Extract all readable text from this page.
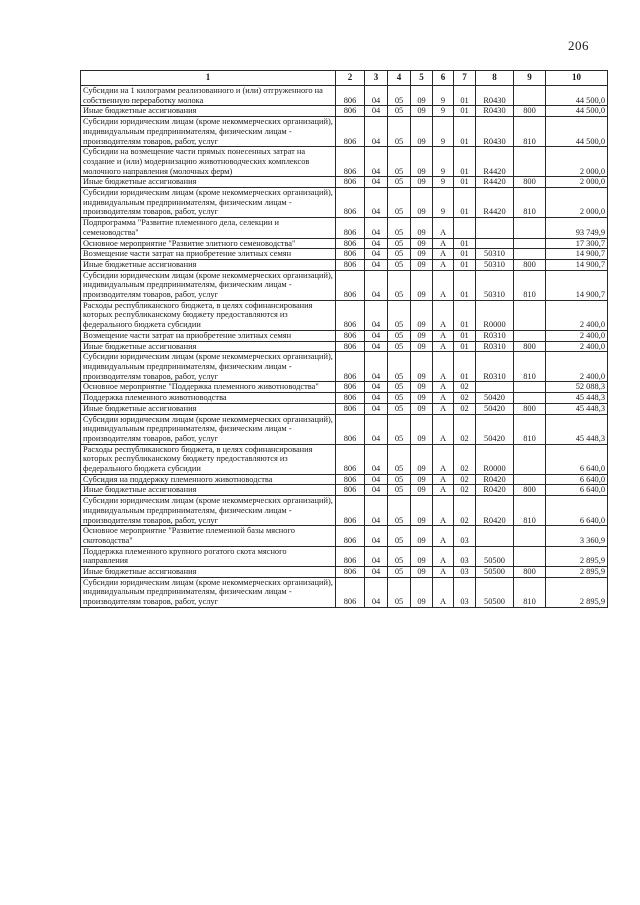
206
1	2	3	4	5	6	7	8	9	10
Субсидии на 1 килограмм реализованного и (или) отгруженного на собственную переработку молока	806	04	05	09	9	01	R0430		44 500,0
Иные бюджетные ассигнования	806	04	05	09	9	01	R0430	800	44 500,0
Субсидии юридическим лицам (кроме некоммерческих организаций), индивидуальным предпринимателям, физическим лицам - производителям товаров, работ, услуг	806	04	05	09	9	01	R0430	810	44 500,0
Субсидии на возмещение части прямых понесенных затрат на создание и (или) модернизацию животноводческих комплексов молочного направления (молочных ферм)	806	04	05	09	9	01	R4420		2 000,0
Иные бюджетные ассигнования	806	04	05	09	9	01	R4420	800	2 000,0
Субсидии юридическим лицам (кроме некоммерческих организаций), индивидуальным предпринимателям, физическим лицам - производителям товаров, работ, услуг	806	04	05	09	9	01	R4420	810	2 000,0
Подпрограмма "Развитие племенного дела, селекции и семеноводства"	806	04	05	09	А				93 749,9
Основное мероприятие "Развитие элитного семеноводства"	806	04	05	09	А	01			17 300,7
Возмещение части затрат на приобретение элитных семян	806	04	05	09	А	01	50310		14 900,7
Иные бюджетные ассигнования	806	04	05	09	А	01	50310	800	14 900,7
Субсидии юридическим лицам (кроме некоммерческих организаций), индивидуальным предпринимателям, физическим лицам - производителям товаров, работ, услуг	806	04	05	09	А	01	50310	810	14 900,7
Расходы республиканского бюджета, в целях софинансирования которых республиканскому бюджету предоставляются из федерального бюджета субсидии	806	04	05	09	А	01	R0000		2 400,0
Возмещение части затрат на приобретение элитных семян	806	04	05	09	А	01	R0310		2 400,0
Иные бюджетные ассигнования	806	04	05	09	А	01	R0310	800	2 400,0
Субсидии юридическим лицам (кроме некоммерческих организаций), индивидуальным предпринимателям, физическим лицам - производителям товаров, работ, услуг	806	04	05	09	А	01	R0310	810	2 400,0
Основное мероприятие "Поддержка племенного животноводства"	806	04	05	09	А	02			52 088,3
Поддержка племенного животноводства	806	04	05	09	А	02	50420		45 448,3
Иные бюджетные ассигнования	806	04	05	09	А	02	50420	800	45 448,3
Субсидии юридическим лицам (кроме некоммерческих организаций), индивидуальным предпринимателям, физическим лицам - производителям товаров, работ, услуг	806	04	05	09	А	02	50420	810	45 448,3
Расходы республиканского бюджета, в целях софинансирования которых республиканскому бюджету предоставляются из федерального бюджета субсидии	806	04	05	09	А	02	R0000		6 640,0
Субсидия на поддержку племенного животноводства	806	04	05	09	А	02	R0420		6 640,0
Иные бюджетные ассигнования	806	04	05	09	А	02	R0420	800	6 640,0
Субсидии юридическим лицам (кроме некоммерческих организаций), индивидуальным предпринимателям, физическим лицам - производителям товаров, работ, услуг	806	04	05	09	А	02	R0420	810	6 640,0
Основное мероприятие "Развитие племенной базы мясного скотоводства"	806	04	05	09	А	03			3 360,9
Поддержка племенного крупного рогатого скота мясного направления	806	04	05	09	А	03	50500		2 895,9
Иные бюджетные ассигнования	806	04	05	09	А	03	50500	800	2 895,9
Субсидии юридическим лицам (кроме некоммерческих организаций), индивидуальным предпринимателям, физическим лицам - производителям товаров, работ, услуг	806	04	05	09	А	03	50500	810	2 895,9
